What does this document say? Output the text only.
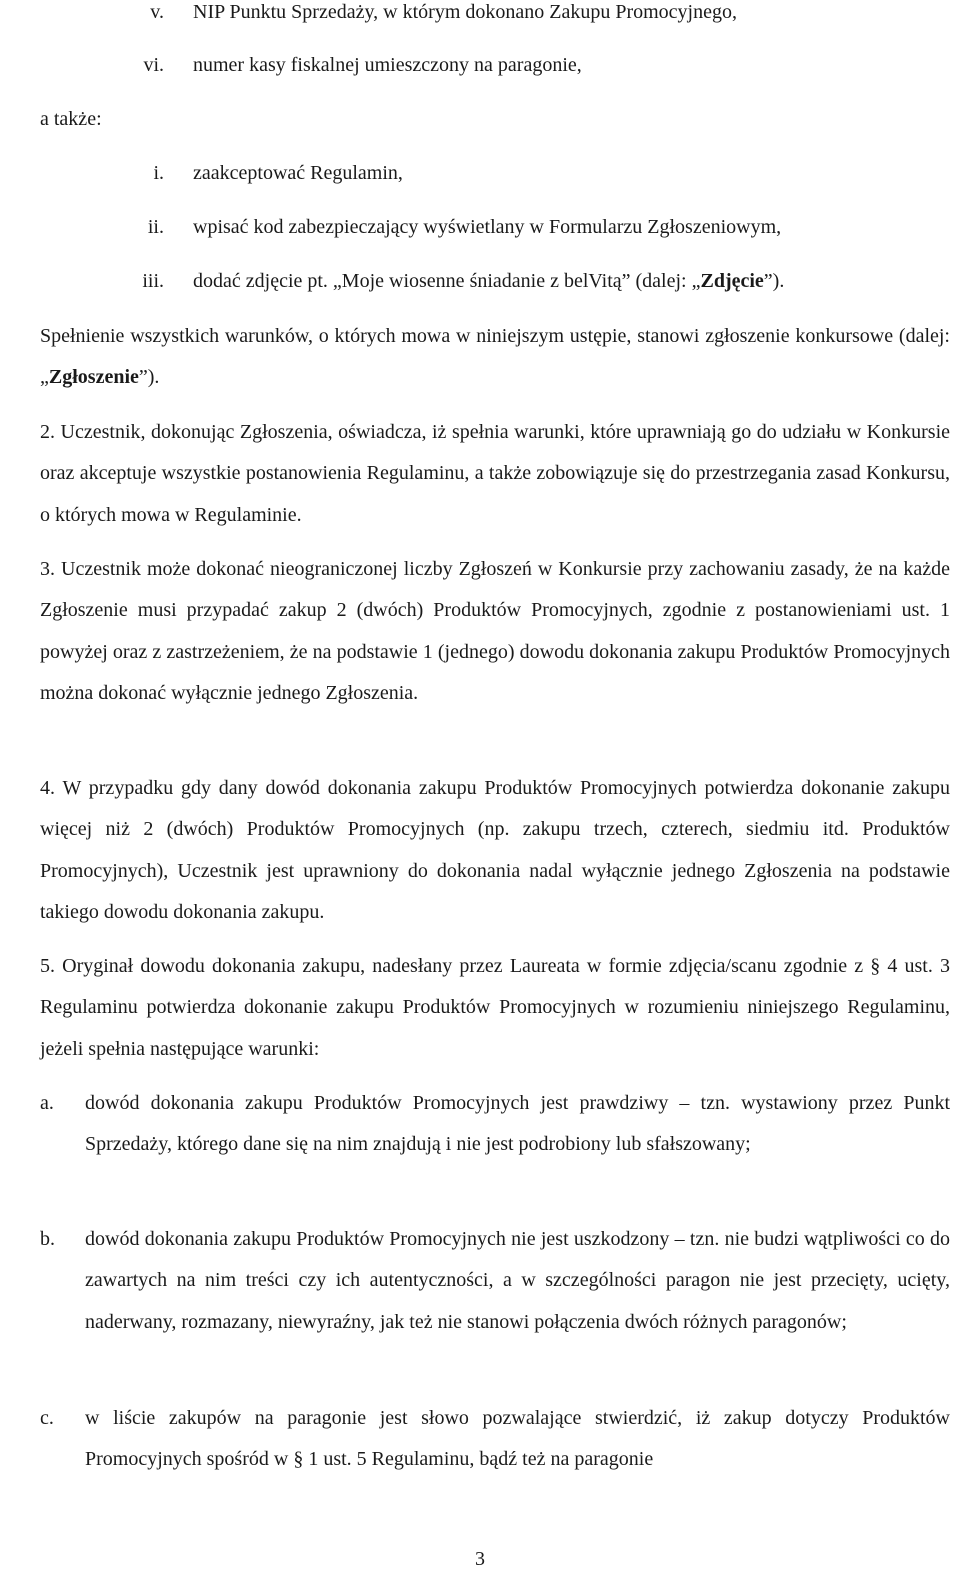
v. NIP Punktu Sprzedaży, w którym dokonano Zakupu Promocyjnego,
vi. numer kasy fiskalnej umieszczony na paragonie,
a także:
i. zaakceptować Regulamin,
ii. wpisać kod zabezpieczający wyświetlany w Formularzu Zgłoszeniowym,
iii. dodać zdjęcie pt. „Moje wiosenne śniadanie z belVitą” (dalej: „Zdjęcie”).

Spełnienie wszystkich warunków, o których mowa w niniejszym ustępie, stanowi zgłoszenie konkursowe (dalej: „Zgłoszenie”).

2. Uczestnik, dokonując Zgłoszenia, oświadcza, iż spełnia warunki, które uprawniają go do udziału w Konkursie oraz akceptuje wszystkie postanowienia Regulaminu, a także zobowiązuje się do przestrzegania zasad Konkursu, o których mowa w Regulaminie.

3. Uczestnik może dokonać nieograniczonej liczby Zgłoszeń w Konkursie przy zachowaniu zasady, że na każde Zgłoszenie musi przypadać zakup 2 (dwóch) Produktów Promocyjnych, zgodnie z postanowieniami ust. 1 powyżej oraz z zastrzeżeniem, że na podstawie 1 (jednego) dowodu dokonania zakupu Produktów Promocyjnych można dokonać wyłącznie jednego Zgłoszenia.

4. W przypadku gdy dany dowód dokonania zakupu Produktów Promocyjnych potwierdza dokonanie zakupu więcej niż 2 (dwóch) Produktów Promocyjnych (np. zakupu trzech, czterech, siedmiu itd. Produktów Promocyjnych), Uczestnik jest uprawniony do dokonania nadal wyłącznie jednego Zgłoszenia na podstawie takiego dowodu dokonania zakupu.

5. Oryginał dowodu dokonania zakupu, nadesłany przez Laureata w formie zdjęcia/scanu zgodnie z § 4 ust. 3 Regulaminu potwierdza dokonanie zakupu Produktów Promocyjnych w rozumieniu niniejszego Regulaminu, jeżeli spełnia następujące warunki:

a. dowód dokonania zakupu Produktów Promocyjnych jest prawdziwy – tzn. wystawiony przez Punkt Sprzedaży, którego dane się na nim znajdują i nie jest podrobiony lub sfałszowany;

b. dowód dokonania zakupu Produktów Promocyjnych nie jest uszkodzony – tzn. nie budzi wątpliwości co do zawartych na nim treści czy ich autentyczności, a w szczególności paragon nie jest przecięty, ucięty, naderwany, rozmazany, niewyraźny, jak też nie stanowi połączenia dwóch różnych paragonów;

c. w liście zakupów na paragonie jest słowo pozwalające stwierdzić, iż zakup dotyczy Produktów Promocyjnych spośród w § 1 ust. 5 Regulaminu, bądź też na paragonie

3
